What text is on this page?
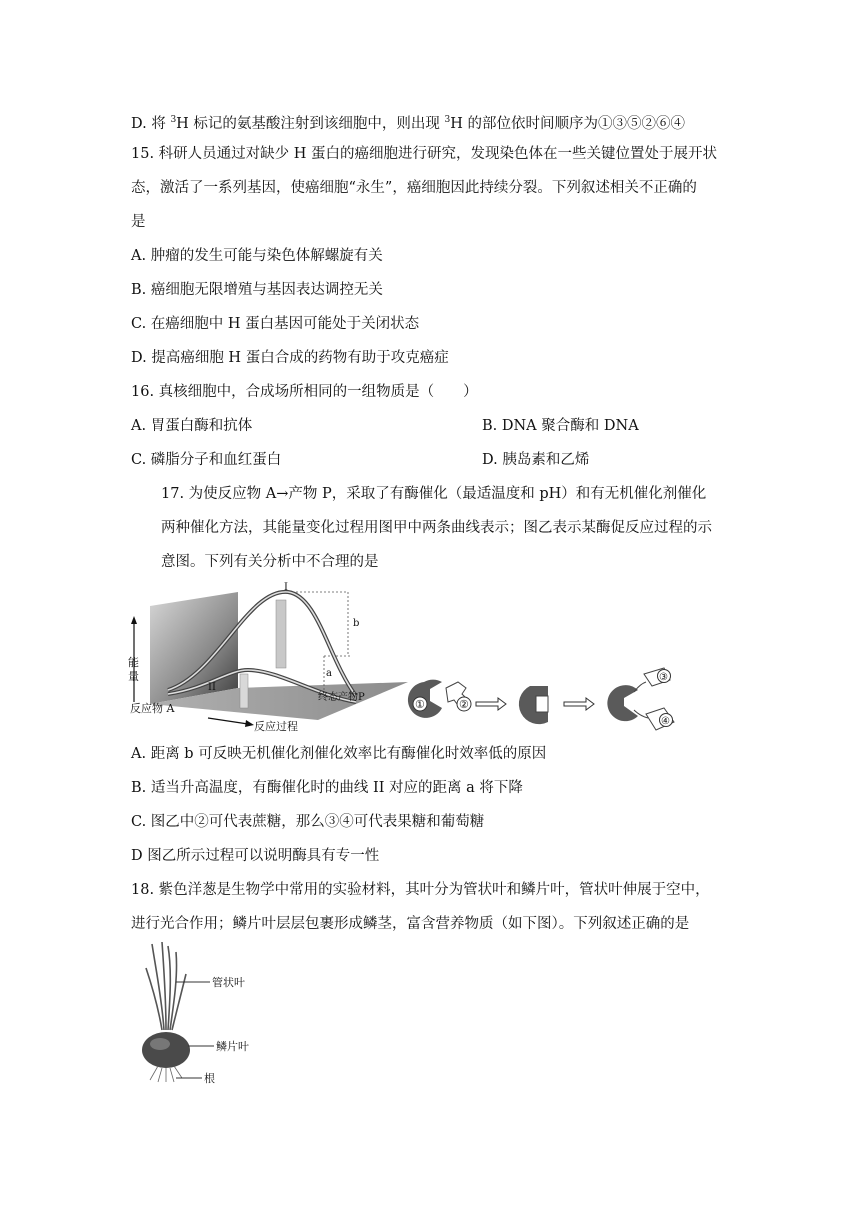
D. 将 $^3$H 标记的氨基酸注射到该细胞中，则出现 $^3$H 的部位依时间顺序为①③⑤②⑥④
15. 科研人员通过对缺少 H 蛋白的癌细胞进行研究，发现染色体在一些关键位置处于展开状
态，激活了一系列基因，使癌细胞“永生”，癌细胞因此持续分裂。下列叙述相关不正确的
是
A. 肿瘤的发生可能与染色体解螺旋有关
B. 癌细胞无限增殖与基因表达调控无关
C. 在癌细胞中 H 蛋白基因可能处于关闭状态
D. 提高癌细胞 H 蛋白合成的药物有助于攻克癌症
16. 真核细胞中，合成场所相同的一组物质是（　　）
A. 胃蛋白酶和抗体	B. DNA 聚合酶和 DNA
C. 磷脂分子和血红蛋白	D. 胰岛素和乙烯
17. 为使反应物 A→产物 P，采取了有酶催化（最适温度和 pH）和有无机催化剂催化
两种催化方法，其能量变化过程用图甲中两条曲线表示；图乙表示某酶促反应过程的示
意图。下列有关分析中不合理的是
能
量
反应物 A
反应过程
终态产物P
I
II
a
b
①	②
③
④
A. 距离 b 可反映无机催化剂催化效率比有酶催化时效率低的原因
B. 适当升高温度，有酶催化时的曲线 II 对应的距离 a 将下降
C. 图乙中②可代表蔗糖，那么③④可代表果糖和葡萄糖
D 图乙所示过程可以说明酶具有专一性
18. 紫色洋葱是生物学中常用的实验材料，其叶分为管状叶和鳞片叶，管状叶伸展于空中，
进行光合作用；鳞片叶层层包裹形成鳞茎，富含营养物质（如下图）。下列叙述正确的是
管状叶
鳞片叶
根
